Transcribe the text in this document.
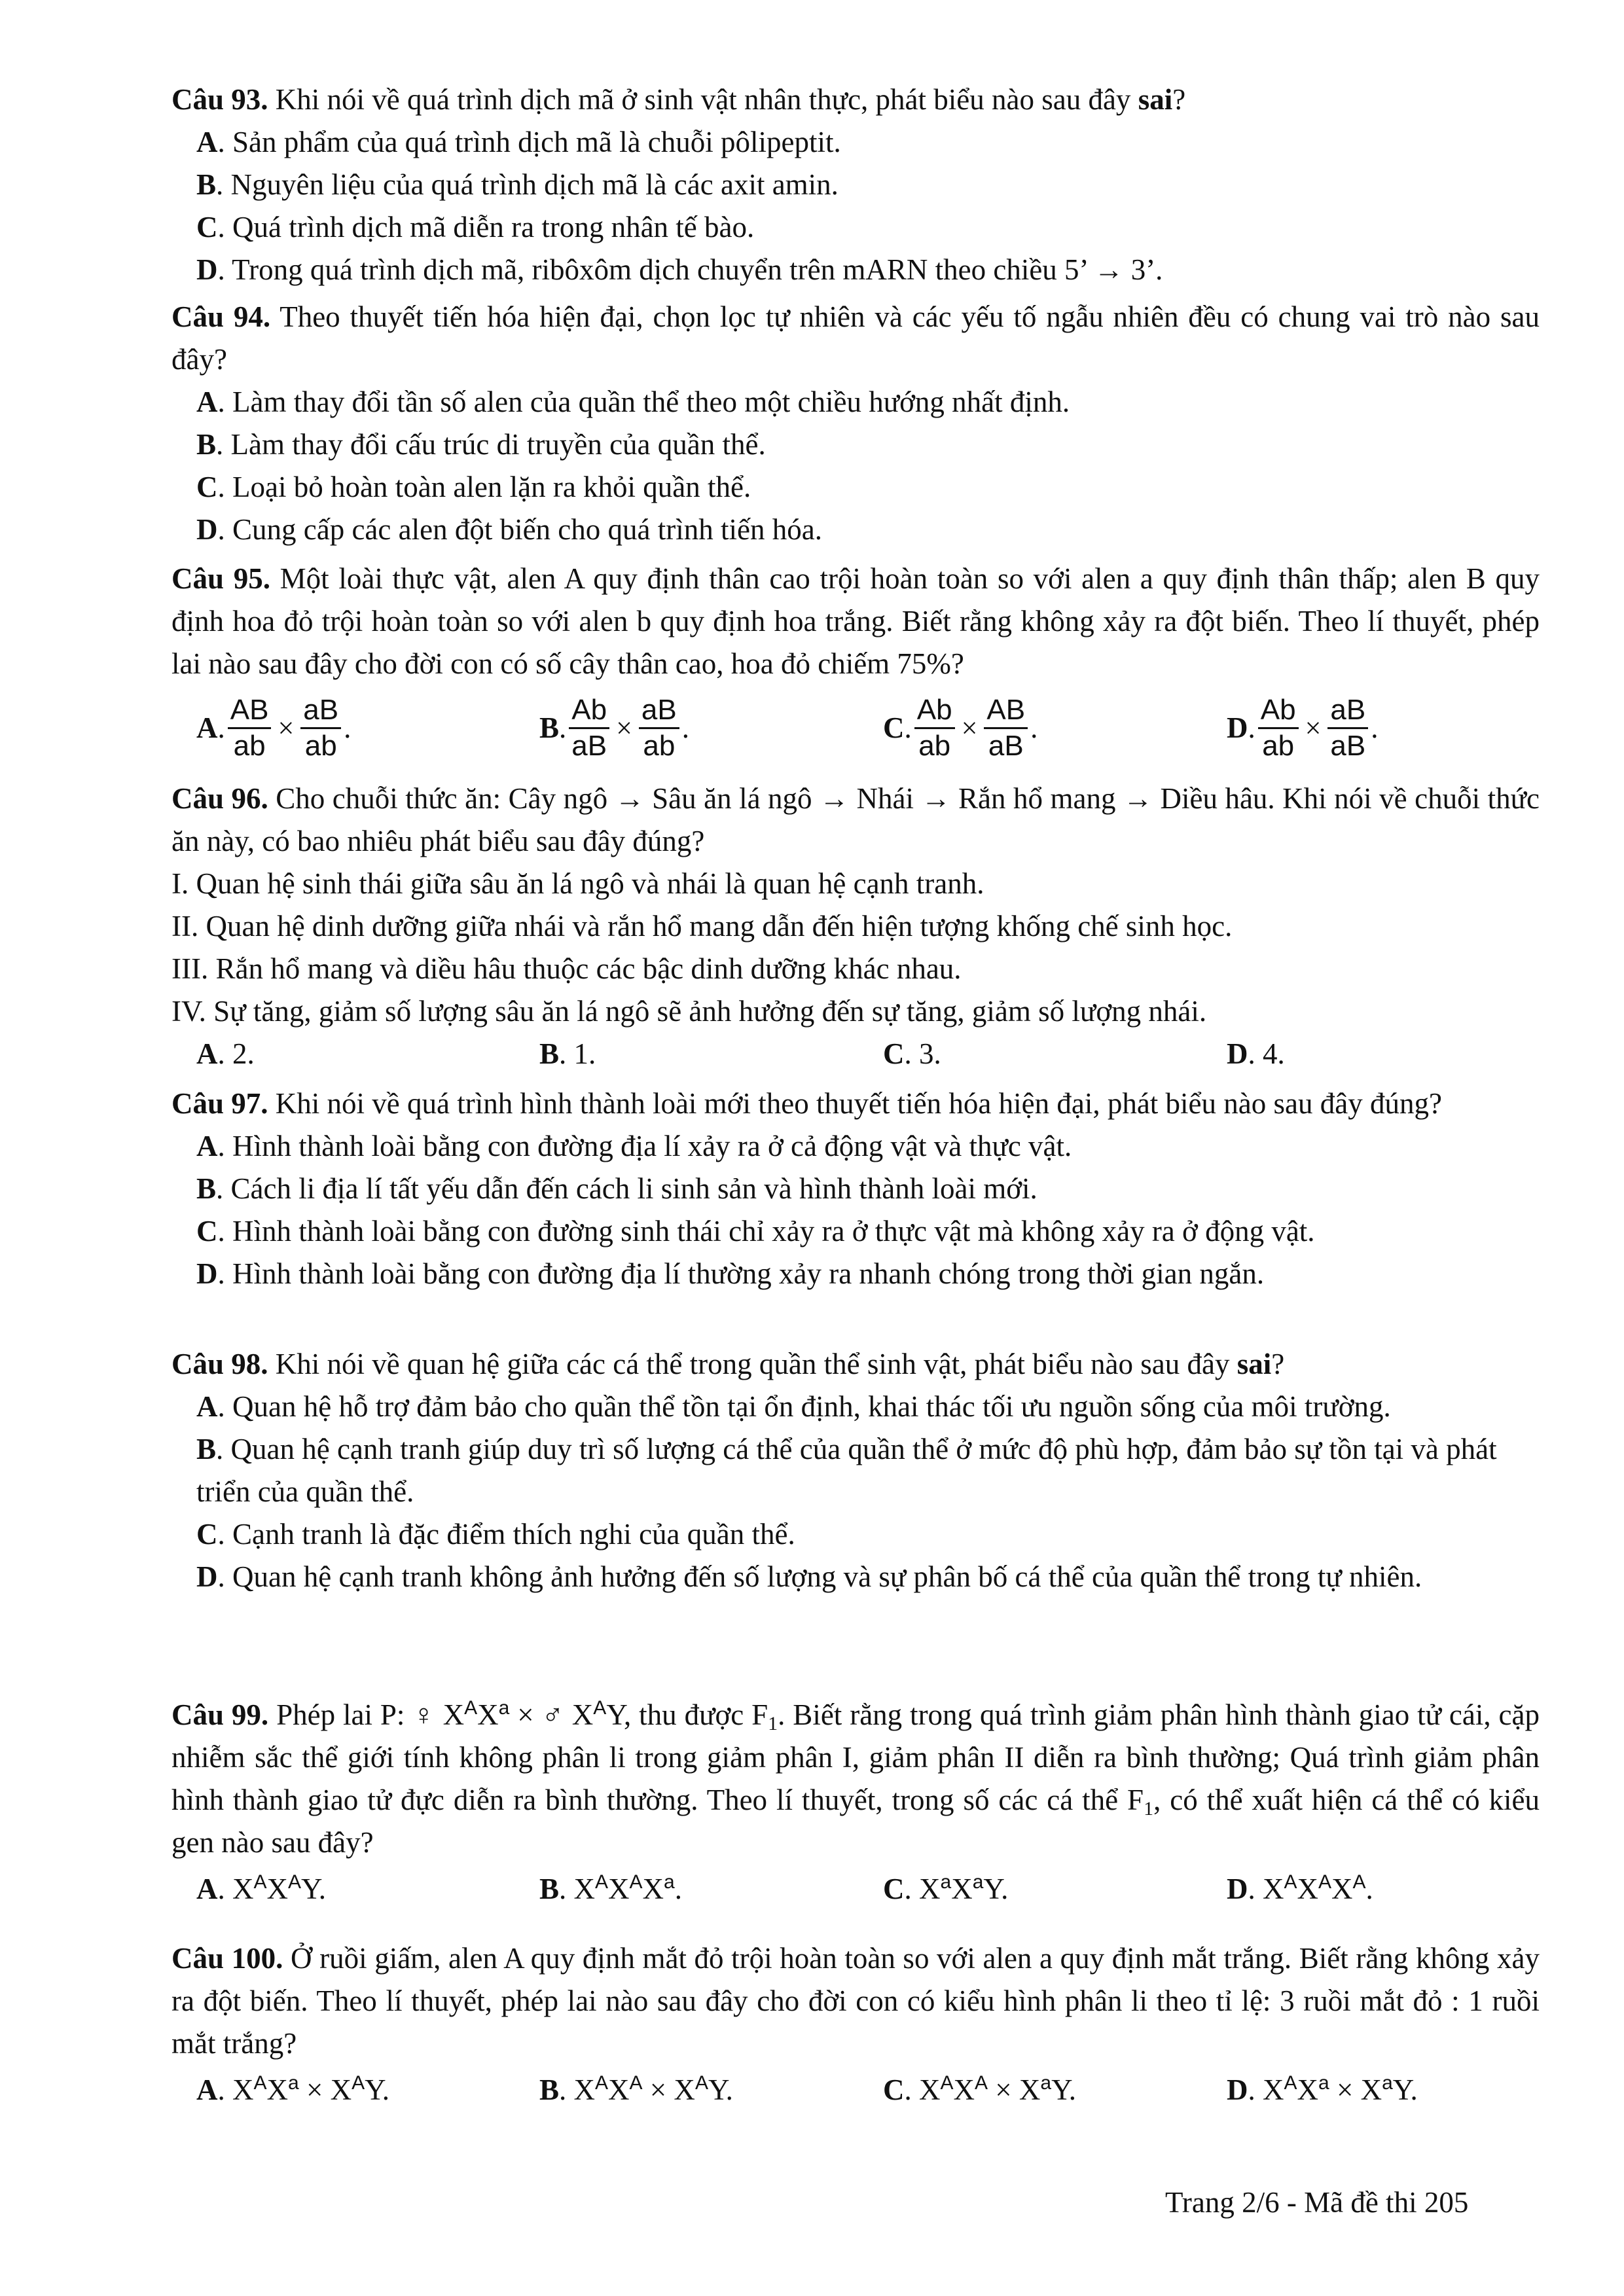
Câu 93. Khi nói về quá trình dịch mã ở sinh vật nhân thực, phát biểu nào sau đây sai?

A. Sản phẩm của quá trình dịch mã là chuỗi pôlipeptit.

B. Nguyên liệu của quá trình dịch mã là các axit amin.

C. Quá trình dịch mã diễn ra trong nhân tế bào.

D. Trong quá trình dịch mã, ribôxôm dịch chuyển trên mARN theo chiều 5’ → 3’.

Câu 94. Theo thuyết tiến hóa hiện đại, chọn lọc tự nhiên và các yếu tố ngẫu nhiên đều có chung vai trò nào sau đây?

A. Làm thay đổi tần số alen của quần thể theo một chiều hướng nhất định.

B. Làm thay đổi cấu trúc di truyền của quần thể.

C. Loại bỏ hoàn toàn alen lặn ra khỏi quần thể.

D. Cung cấp các alen đột biến cho quá trình tiến hóa.

Câu 95. Một loài thực vật, alen A quy định thân cao trội hoàn toàn so với alen a quy định thân thấp; alen B quy định hoa đỏ trội hoàn toàn so với alen b quy định hoa trắng. Biết rằng không xảy ra đột biến. Theo lí thuyết, phép lai nào sau đây cho đời con có số cây thân cao, hoa đỏ chiếm 75%?

A . $\frac{AB}{ab} \times \frac{aB}{ab}$ .	B . $\frac{Ab}{aB} \times \frac{aB}{ab}$ .	C . $\frac{Ab}{ab} \times \frac{AB}{aB}$ .	D . $\frac{Ab}{ab} \times \frac{aB}{aB}$ .

Câu 96. Cho chuỗi thức ăn: Cây ngô → Sâu ăn lá ngô → Nhái → Rắn hổ mang → Diều hâu. Khi nói về chuỗi thức ăn này, có bao nhiêu phát biểu sau đây đúng?

I. Quan hệ sinh thái giữa sâu ăn lá ngô và nhái là quan hệ cạnh tranh.

II. Quan hệ dinh dưỡng giữa nhái và rắn hổ mang dẫn đến hiện tượng khống chế sinh học.

III. Rắn hổ mang và diều hâu thuộc các bậc dinh dưỡng khác nhau.

IV. Sự tăng, giảm số lượng sâu ăn lá ngô sẽ ảnh hưởng đến sự tăng, giảm số lượng nhái.

A. 2.	B. 1.	C. 3.	D. 4.

Câu 97. Khi nói về quá trình hình thành loài mới theo thuyết tiến hóa hiện đại, phát biểu nào sau đây đúng?

A. Hình thành loài bằng con đường địa lí xảy ra ở cả động vật và thực vật.

B. Cách li địa lí tất yếu dẫn đến cách li sinh sản và hình thành loài mới.

C. Hình thành loài bằng con đường sinh thái chỉ xảy ra ở thực vật mà không xảy ra ở động vật.

D. Hình thành loài bằng con đường địa lí thường xảy ra nhanh chóng trong thời gian ngắn.

Câu 98. Khi nói về quan hệ giữa các cá thể trong quần thể sinh vật, phát biểu nào sau đây sai?

A. Quan hệ hỗ trợ đảm bảo cho quần thể tồn tại ổn định, khai thác tối ưu nguồn sống của môi trường.

B. Quan hệ cạnh tranh giúp duy trì số lượng cá thể của quần thể ở mức độ phù hợp, đảm bảo sự tồn tại và phát triển của quần thể.

C. Cạnh tranh là đặc điểm thích nghi của quần thể.

D. Quan hệ cạnh tranh không ảnh hưởng đến số lượng và sự phân bố cá thể của quần thể trong tự nhiên.

Câu 99. Phép lai P: ♀ $X^AX^a$ × ♂ $X^AY$, thu được $F_1$. Biết rằng trong quá trình giảm phân hình thành giao tử cái, cặp nhiễm sắc thể giới tính không phân li trong giảm phân I, giảm phân II diễn ra bình thường; Quá trình giảm phân hình thành giao tử đực diễn ra bình thường. Theo lí thuyết, trong số các cá thể $F_1$, có thể xuất hiện cá thể có kiểu gen nào sau đây?

A. $X^AX^AY$.	B. $X^AX^AX^a$.	C. $X^aX^aY$.	D. $X^AX^AX^A$.

Câu 100. Ở ruồi giấm, alen A quy định mắt đỏ trội hoàn toàn so với alen a quy định mắt trắng. Biết rằng không xảy ra đột biến. Theo lí thuyết, phép lai nào sau đây cho đời con có kiểu hình phân li theo tỉ lệ: 3 ruồi mắt đỏ : 1 ruồi mắt trắng?

A. $X^AX^a \times X^AY$.	B. $X^AX^A \times X^AY$.	C. $X^AX^A \times X^aY$.	D. $X^AX^a \times X^aY$.
Trang 2/6 - Mã đề thi 205
